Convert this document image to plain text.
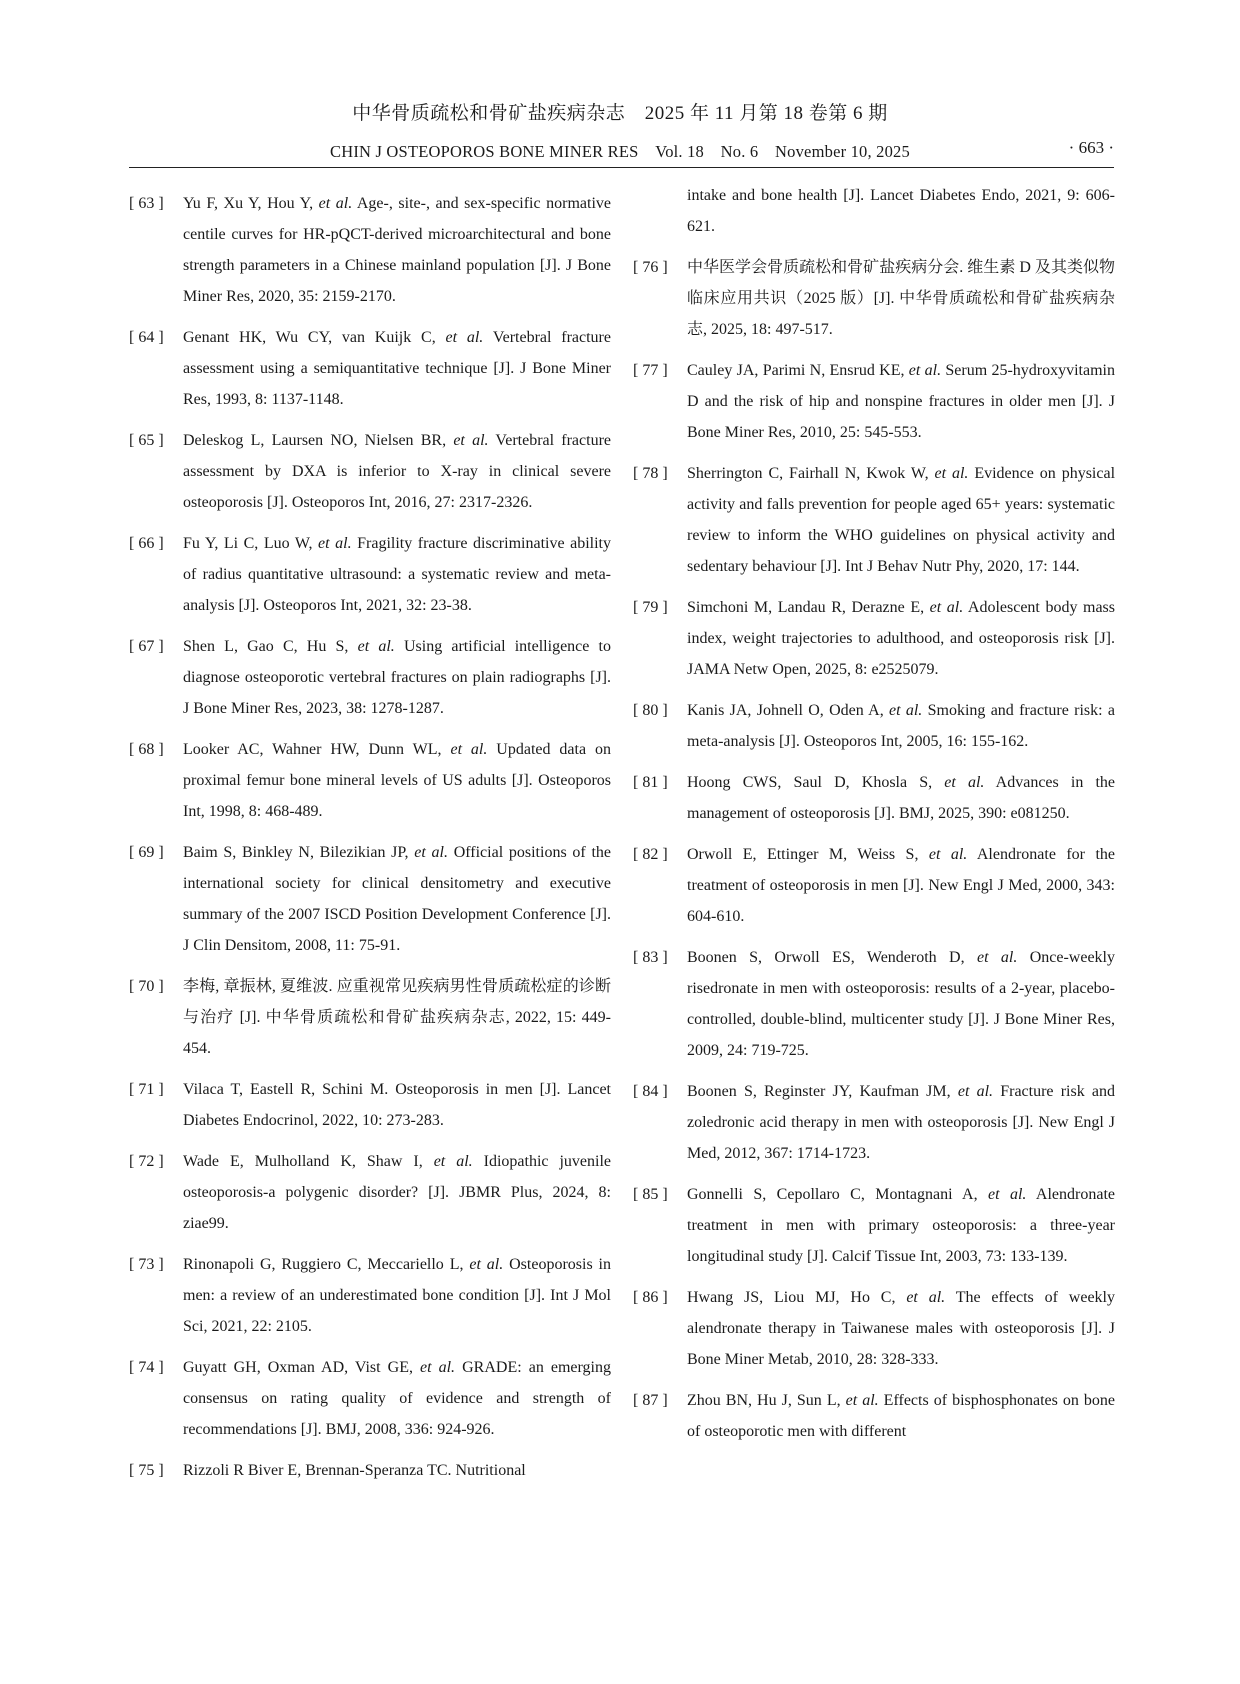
中华骨质疏松和骨矿盐疾病杂志　2025 年 11 月第 18 卷第 6 期
CHIN J OSTEOPOROS BONE MINER RES　Vol. 18　No. 6　November 10, 2025	· 663 ·
[ 63 ]	Yu F, Xu Y, Hou Y, et al. Age-, site-, and sex-specific normative centile curves for HR-pQCT-derived microarchitectural and bone strength parameters in a Chinese mainland population [J]. J Bone Miner Res, 2020, 35: 2159-2170.
[ 64 ]	Genant HK, Wu CY, van Kuijk C, et al. Vertebral fracture assessment using a semiquantitative technique [J]. J Bone Miner Res, 1993, 8: 1137-1148.
[ 65 ]	Deleskog L, Laursen NO, Nielsen BR, et al. Vertebral fracture assessment by DXA is inferior to X-ray in clinical severe osteoporosis [J]. Osteoporos Int, 2016, 27: 2317-2326.
[ 66 ]	Fu Y, Li C, Luo W, et al. Fragility fracture discriminative ability of radius quantitative ultrasound: a systematic review and meta-analysis [J]. Osteoporos Int, 2021, 32: 23-38.
[ 67 ]	Shen L, Gao C, Hu S, et al. Using artificial intelligence to diagnose osteoporotic vertebral fractures on plain radiographs [J]. J Bone Miner Res, 2023, 38: 1278-1287.
[ 68 ]	Looker AC, Wahner HW, Dunn WL, et al. Updated data on proximal femur bone mineral levels of US adults [J]. Osteoporos Int, 1998, 8: 468-489.
[ 69 ]	Baim S, Binkley N, Bilezikian JP, et al. Official positions of the international society for clinical densitometry and executive summary of the 2007 ISCD Position Development Conference [J]. J Clin Densitom, 2008, 11: 75-91.
[ 70 ]	李梅, 章振林, 夏维波. 应重视常见疾病男性骨质疏松症的诊断与治疗 [J]. 中华骨质疏松和骨矿盐疾病杂志, 2022, 15: 449-454.
[ 71 ]	Vilaca T, Eastell R, Schini M. Osteoporosis in men [J]. Lancet Diabetes Endocrinol, 2022, 10: 273-283.
[ 72 ]	Wade E, Mulholland K, Shaw I, et al. Idiopathic juvenile osteoporosis-a polygenic disorder? [J]. JBMR Plus, 2024, 8: ziae99.
[ 73 ]	Rinonapoli G, Ruggiero C, Meccariello L, et al. Osteoporosis in men: a review of an underestimated bone condition [J]. Int J Mol Sci, 2021, 22: 2105.
[ 74 ]	Guyatt GH, Oxman AD, Vist GE, et al. GRADE: an emerging consensus on rating quality of evidence and strength of recommendations [J]. BMJ, 2008, 336: 924-926.
[ 75 ]	Rizzoli R Biver E, Brennan-Speranza TC. Nutritional
intake and bone health [J]. Lancet Diabetes Endo, 2021, 9: 606-621.
[ 76 ]	中华医学会骨质疏松和骨矿盐疾病分会. 维生素 D 及其类似物临床应用共识（2025 版）[J]. 中华骨质疏松和骨矿盐疾病杂志, 2025, 18: 497-517.
[ 77 ]	Cauley JA, Parimi N, Ensrud KE, et al. Serum 25-hydroxyvitamin D and the risk of hip and nonspine fractures in older men [J]. J Bone Miner Res, 2010, 25: 545-553.
[ 78 ]	Sherrington C, Fairhall N, Kwok W, et al. Evidence on physical activity and falls prevention for people aged 65+ years: systematic review to inform the WHO guidelines on physical activity and sedentary behaviour [J]. Int J Behav Nutr Phy, 2020, 17: 144.
[ 79 ]	Simchoni M, Landau R, Derazne E, et al. Adolescent body mass index, weight trajectories to adulthood, and osteoporosis risk [J]. JAMA Netw Open, 2025, 8: e2525079.
[ 80 ]	Kanis JA, Johnell O, Oden A, et al. Smoking and fracture risk: a meta-analysis [J]. Osteoporos Int, 2005, 16: 155-162.
[ 81 ]	Hoong CWS, Saul D, Khosla S, et al. Advances in the management of osteoporosis [J]. BMJ, 2025, 390: e081250.
[ 82 ]	Orwoll E, Ettinger M, Weiss S, et al. Alendronate for the treatment of osteoporosis in men [J]. New Engl J Med, 2000, 343: 604-610.
[ 83 ]	Boonen S, Orwoll ES, Wenderoth D, et al. Once-weekly risedronate in men with osteoporosis: results of a 2-year, placebo-controlled, double-blind, multicenter study [J]. J Bone Miner Res, 2009, 24: 719-725.
[ 84 ]	Boonen S, Reginster JY, Kaufman JM, et al. Fracture risk and zoledronic acid therapy in men with osteoporosis [J]. New Engl J Med, 2012, 367: 1714-1723.
[ 85 ]	Gonnelli S, Cepollaro C, Montagnani A, et al. Alendronate treatment in men with primary osteoporosis: a three-year longitudinal study [J]. Calcif Tissue Int, 2003, 73: 133-139.
[ 86 ]	Hwang JS, Liou MJ, Ho C, et al. The effects of weekly alendronate therapy in Taiwanese males with osteoporosis [J]. J Bone Miner Metab, 2010, 28: 328-333.
[ 87 ]	Zhou BN, Hu J, Sun L, et al. Effects of bisphosphonates on bone of osteoporotic men with different
